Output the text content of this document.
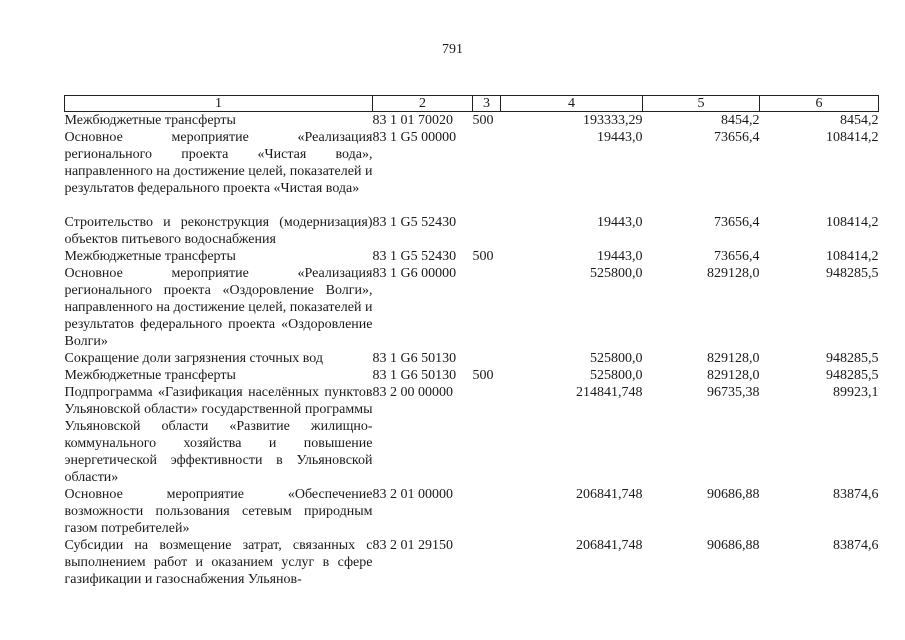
791
1	2	3	4	5	6
Межбюджетные трансферты	83 1 01 70020	500	193333,29	8454,2	8454,2
Основное мероприятие «Реализация регионального проекта «Чистая вода», направленного на достижение целей, показателей и результатов федерального проекта «Чистая вода»	83 1 G5 00000		19443,0	73656,4	108414,2
Строительство и реконструкция (модернизация) объектов питьевого водоснабжения	83 1 G5 52430		19443,0	73656,4	108414,2
Межбюджетные трансферты	83 1 G5 52430	500	19443,0	73656,4	108414,2
Основное мероприятие «Реализация регионального проекта «Оздоровление Волги», направленного на достижение целей, показателей и результатов федерального проекта «Оздоровление Волги»	83 1 G6 00000		525800,0	829128,0	948285,5
Сокращение доли загрязнения сточных вод	83 1 G6 50130		525800,0	829128,0	948285,5
Межбюджетные трансферты	83 1 G6 50130	500	525800,0	829128,0	948285,5
Подпрограмма «Газификация населённых пунктов Ульяновской области» государственной программы Ульяновской области «Развитие жилищно-коммунального хозяйства и повышение энергетической эффективности в Ульяновской области»	83 2 00 00000		214841,748	96735,38	89923,1
Основное мероприятие «Обеспечение возможности пользования сетевым природным газом потребителей»	83 2 01 00000		206841,748	90686,88	83874,6
Субсидии на возмещение затрат, связанных с выполнением работ и оказанием услуг в сфере газификации и газоснабжения Ульянов-	83 2 01 29150		206841,748	90686,88	83874,6
